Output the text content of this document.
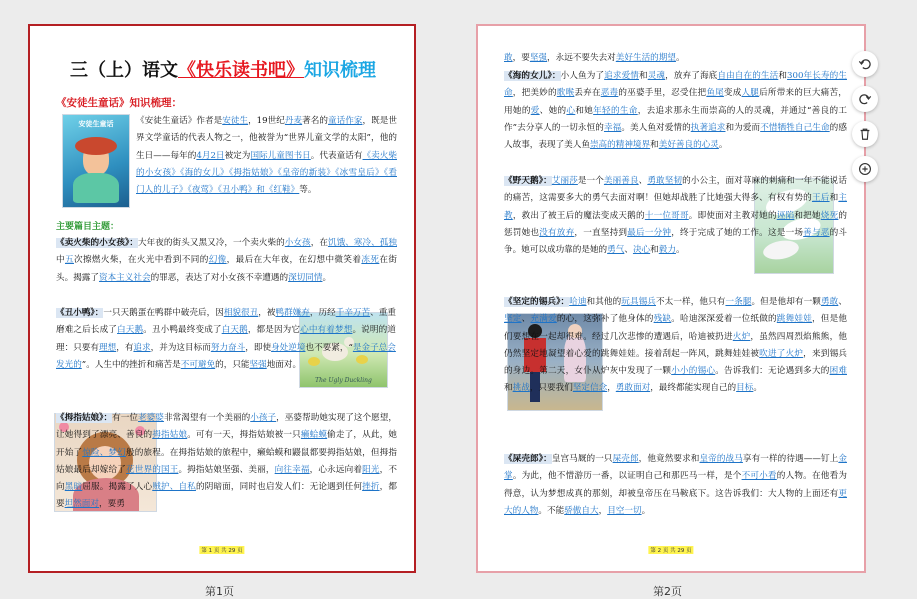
三（上）语文《快乐读书吧》知识梳理
《安徒生童话》知识梳理：
安徒生童话	《安徒生童话》作者是安徒生，19世纪丹麦著名的童话作家，既是世界文学童话的代表人物之一，他被誉为“世界儿童文学的太阳”，他的生日——每年的4月2日被定为国际儿童图书日。代表童话有《卖火柴的小女孩》《海的女儿》《拇指姑娘》《皇帝的新装》《冰雪皇后》《看门人的儿子》《夜莺》《丑小鸭》和《红鞋》等。

主要篇目主题：

《卖火柴的小女孩》：大年夜的街头又黑又冷，一个卖火柴的小女孩，在饥饿、寒冷、孤独中五次擦燃火柴，在火光中看到不同的幻像，最后在大年夜，在幻想中微笑着冻死在街头。揭露了资本主义社会的罪恶，表达了对小女孩不幸遭遇的深切同情。

The Ugly Duckling

《丑小鸭》：一只天鹅蛋在鸭群中破壳后，因相貌很丑，被鸭群嫌弃，历经千辛万苦、重重磨难之后长成了白天鹅。丑小鸭最终变成了白天鹅，都是因为它心中有着梦想。说明的道理：只要有理想，有追求，并为这目标而努力奋斗，即使身处逆境也不要紧，“是金子总会发光的”。人生中的挫折和痛苦是不可避免的，只能坚强地面对。

《拇指姑娘》：有一位老婆婆非常渴望有一个美丽的小孩子，巫婆帮助她实现了这个愿望，让她得到了漂亮、善良的拇指姑娘。可有一天，拇指姑娘被一只癞蛤蟆偷走了，从此，她开始了惊险、梦幻般的旅程。在拇指姑娘的旅程中，癞蛤蟆和鼹鼠都要拇指姑娘，但拇指姑娘最后却嫁给了花世界的国王。拇指姑娘坚强、美丽，向往幸福，心永远向着阳光，不向黑暗屈服。揭露了人心贼护、自私的阴暗面，同时也启发人们：无论遇到任何挫折，都要坦然面对，要勇

第 1 页 共 29 页

敢，要坚强，永远不要失去对美好生活的期望。

《海的女儿》：小人鱼为了追求爱情和灵魂，放弃了海底自由自在的生活和300年长寿的生命，把美妙的歌喉丢弃在恶毒的巫婆手里，忍受住把鱼尾变成人腿后所带来的巨大痛苦，用她的爱、她的心和她年轻的生命，去追求那永生而崇高的人的灵魂，并通过“善良的工作”去分享人的一切永恒的幸福。美人鱼对爱情的执著追求和为爱而不惜牺牲自己生命的感人故事，表现了美人鱼崇高的精神境界和美好善良的心灵。

《野天鹅》：艾丽莎是一个美丽善良、勇敢坚韧的小公主，面对荨麻的刺痛和一年不能说话的痛苦，这需要多大的勇气去面对啊！但她却战胜了比她强大得多、有权有势的王后和主教，救出了被王后的魔法变成天鹅的十一位哥哥。即使面对主教对她的诬陷和把她烧死的惩罚她也没有放弃，一直坚持到最后一分钟，终于完成了她的工作。这是一场善与恶的斗争。她可以成功靠的是她的勇气、决心和毅力。

《坚定的锡兵》：哈迪和其他的玩具锡兵不太一样，他只有一条腿。但是他却有一颗勇敢、坚定、充满爱的心，这弥补了他身体的残缺。哈迪深深爱着一位纸做的跳舞娃娃，但是他们要想在一起却很难。经过几次悲惨的遭遇后，哈迪被扔进火炉，虽然四周烈焰熊熊，他仍然坚定地凝望着心爱的跳舞娃娃。接着刮起一阵风，跳舞娃娃被吹进了火炉，来到锡兵的身边。第二天，女仆从炉灰中发现了一颗小小的锡心。告诉我们：无论遇到多大的困难和挑战，只要我们坚定信念，勇敢面对，最终都能实现自己的目标。

《屎壳郎》：皇宫马厩的一只屎壳郎，他竟然要求和皇帝的战马享有一样的待遇——钉上金掌。为此，他不惜游历一番，以证明自己和那匹马一样，是个不可小看的人物。在他看为得意，认为梦想成真的那刻，却被皇帝压在马鞍底下。这告诉我们：大人物的上面还有更大的人物。不能骄傲自大，目空一切。

第 2 页 共 29 页
第1页	第2页
